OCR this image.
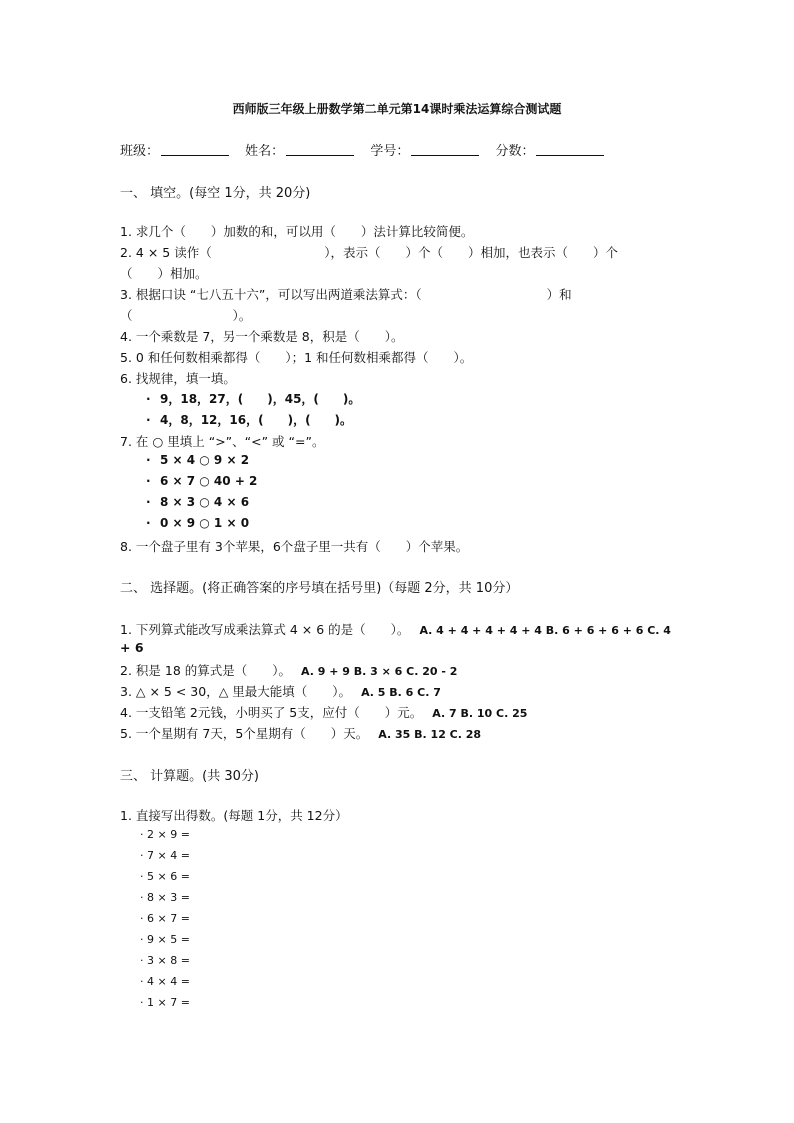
西师版三年级上册数学第二单元第14课时乘法运算综合测试题
班级：	姓名：	学号：	分数：
一、 填空。(每空 1分，共 20分)
1. 求几个（　　）加数的和，可以用（　　）法计算比较简便。
2. 4 × 5 读作（　　　　　　　　　），表示（　　）个（　　）相加，也表示（　　）个
（　　）相加。
3. 根据口诀 “七八五十六”，可以写出两道乘法算式：（　　　　　　　　　　）和
（　　　　　　　　）。
4. 一个乘数是 7，另一个乘数是 8，积是（　　）。
5. 0 和任何数相乘都得（　　）；1 和任何数相乘都得（　　）。
6. 找规律，填一填。
· 9，18，27，(　　)，45，(　　)。
· 4，8，12，16，(　　)，(　　)。
7. 在 ○ 里填上 “>”、“<” 或 “=”。
· 5 × 4 ○ 9 × 2
· 6 × 7 ○ 40 + 2
· 8 × 3 ○ 4 × 6
· 0 × 9 ○ 1 × 0
8. 一个盘子里有 3个苹果，6个盘子里一共有（　　）个苹果。
二、 选择题。(将正确答案的序号填在括号里)（每题 2分，共 10分）
1. 下列算式能改写成乘法算式 4 × 6 的是（　　）。 A. 4 + 4 + 4 + 4 + 4 B. 6 + 6 + 6 + 6 C. 4
+ 6
2. 积是 18 的算式是（　　）。 A. 9 + 9 B. 3 × 6 C. 20 - 2
3. △ × 5 < 30，△ 里最大能填（　　）。 A. 5 B. 6 C. 7
4. 一支铅笔 2元钱，小明买了 5支，应付（　　）元。 A. 7 B. 10 C. 25
5. 一个星期有 7天，5个星期有（　　）天。 A. 35 B. 12 C. 28
三、 计算题。(共 30分)
1. 直接写出得数。(每题 1分，共 12分）
· 2 × 9 =
· 7 × 4 =
· 5 × 6 =
· 8 × 3 =
· 6 × 7 =
· 9 × 5 =
· 3 × 8 =
· 4 × 4 =
· 1 × 7 =
